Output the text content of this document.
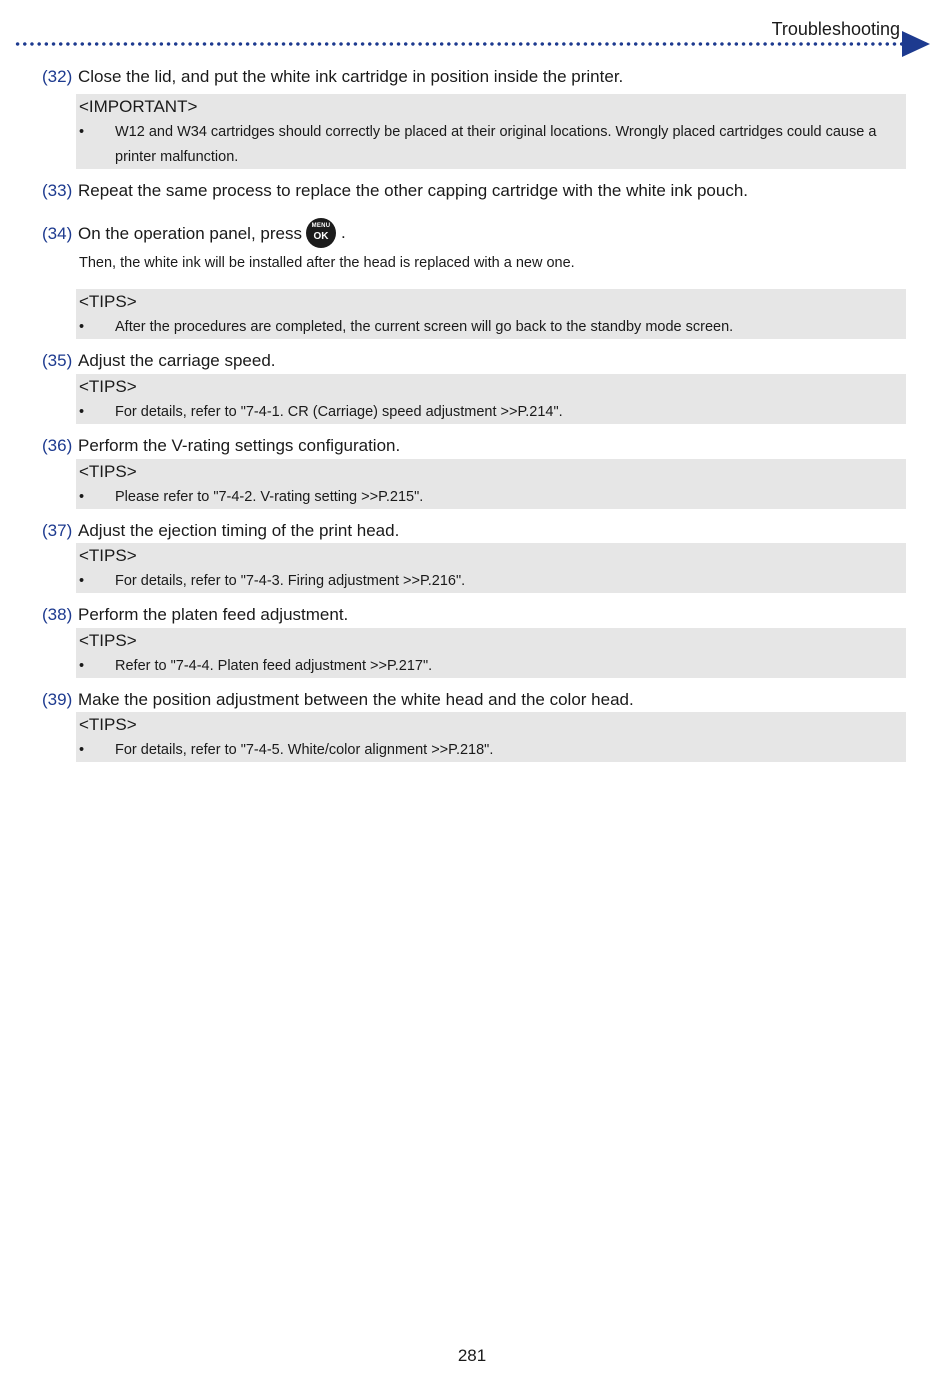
Troubleshooting
(32) Close the lid, and put the white ink cartridge in position inside the printer.
<IMPORTANT>
• W12 and W34 cartridges should correctly be placed at their original locations. Wrongly placed cartridges could cause a printer malfunction.
(33) Repeat the same process to replace the other capping cartridge with the white ink pouch.
(34) On the operation panel, press	MENU
OK .
Then, the white ink will be installed after the head is replaced with a new one.
<TIPS>
• After the procedures are completed, the current screen will go back to the standby mode screen.
(35) Adjust the carriage speed.
<TIPS>
• For details, refer to "7-4-1. CR (Carriage) speed adjustment >>P.214".
(36) Perform the V-rating settings configuration.
<TIPS>
• Please refer to "7-4-2. V-rating setting >>P.215".
(37) Adjust the ejection timing of the print head.
<TIPS>
• For details, refer to "7-4-3. Firing adjustment >>P.216".
(38) Perform the platen feed adjustment.
<TIPS>
• Refer to "7-4-4. Platen feed adjustment >>P.217".
(39) Make the position adjustment between the white head and the color head.
<TIPS>
• For details, refer to "7-4-5. White/color alignment >>P.218".
281
